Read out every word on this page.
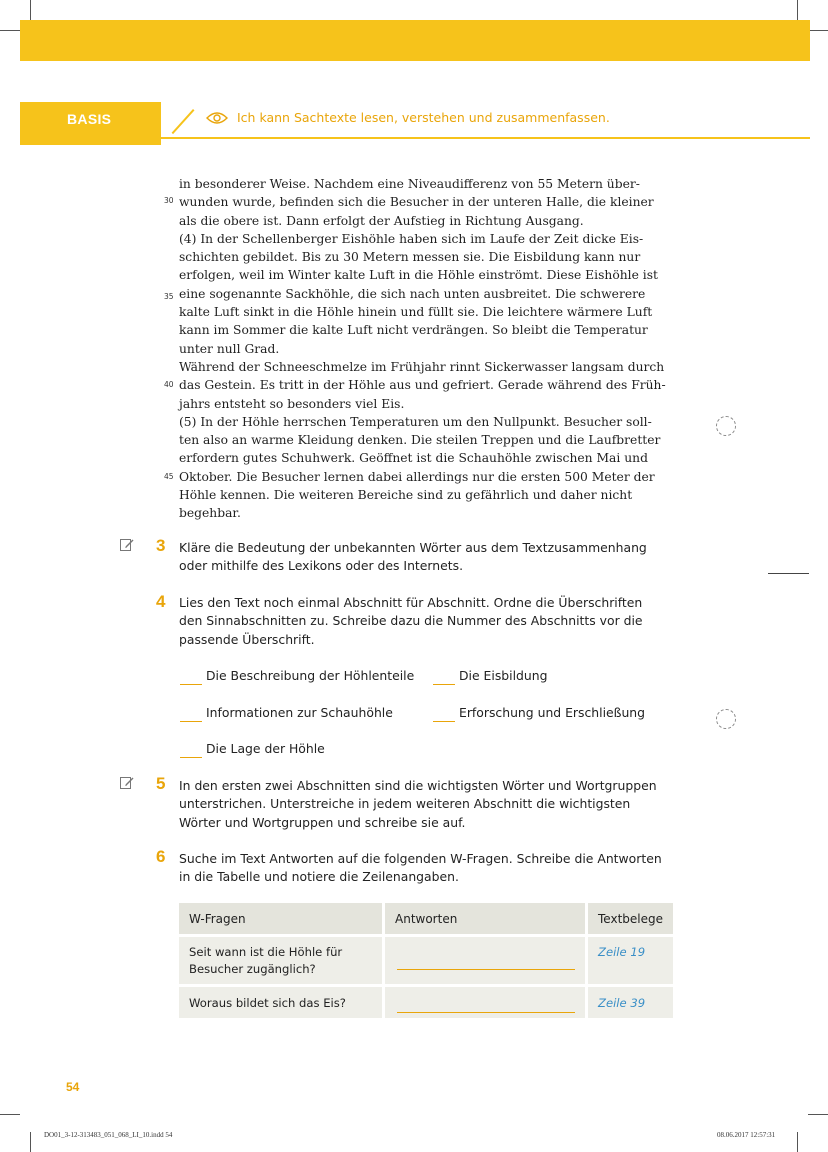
BASIS	Ich kann Sachtexte lesen, verstehen und zusammenfassen.
30
35
40
45
in besonderer Weise. Nachdem eine Niveaudifferenz von 55 Metern über-
wunden wurde, befinden sich die Besucher in der unteren Halle, die kleiner
als die obere ist. Dann erfolgt der Aufstieg in Richtung Ausgang.
(4) In der Schellenberger Eishöhle haben sich im Laufe der Zeit dicke Eis-
schichten gebildet. Bis zu 30 Metern messen sie. Die Eisbildung kann nur
erfolgen, weil im Winter kalte Luft in die Höhle einströmt. Diese Eishöhle ist
eine sogenannte Sackhöhle, die sich nach unten ausbreitet. Die schwerere
kalte Luft sinkt in die Höhle hinein und füllt sie. Die leichtere wärmere Luft
kann im Sommer die kalte Luft nicht verdrängen. So bleibt die Temperatur
unter null Grad.
Während der Schneeschmelze im Frühjahr rinnt Sickerwasser langsam durch
das Gestein. Es tritt in der Höhle aus und gefriert. Gerade während des Früh-
jahrs entsteht so besonders viel Eis.
(5) In der Höhle herrschen Temperaturen um den Nullpunkt. Besucher soll-
ten also an warme Kleidung denken. Die steilen Treppen und die Laufbretter
erfordern gutes Schuhwerk. Geöffnet ist die Schauhöhle zwischen Mai und
Oktober. Die Besucher lernen dabei allerdings nur die ersten 500 Meter der
Höhle kennen. Die weiteren Bereiche sind zu gefährlich und daher nicht
begehbar.
3 Kläre die Bedeutung der unbekannten Wörter aus dem Textzusammenhang
oder mithilfe des Lexikons oder des Internets.
4 Lies den Text noch einmal Abschnitt für Abschnitt. Ordne die Überschriften
den Sinnabschnitten zu. Schreibe dazu die Nummer des Abschnitts vor die
passende Überschrift.
Die Beschreibung der Höhlenteile	Die Eisbildung
Informationen zur Schauhöhle	Erforschung und Erschließung
Die Lage der Höhle
5 In den ersten zwei Abschnitten sind die wichtigsten Wörter und Wortgruppen
unterstrichen. Unterstreiche in jedem weiteren Abschnitt die wichtigsten
Wörter und Wortgruppen und schreibe sie auf.
6 Suche im Text Antworten auf die folgenden W-Fragen. Schreibe die Antworten
in die Tabelle und notiere die Zeilenangaben.
W-Fragen	Antworten	Textbelege

Seit wann ist die Höhle für
Besucher zugänglich?		Zeile 19
Woraus bildet sich das Eis?		Zeile 39
54
DO01_3-12-313483_051_068_LI_10.indd 54	08.06.2017 12:57:31
